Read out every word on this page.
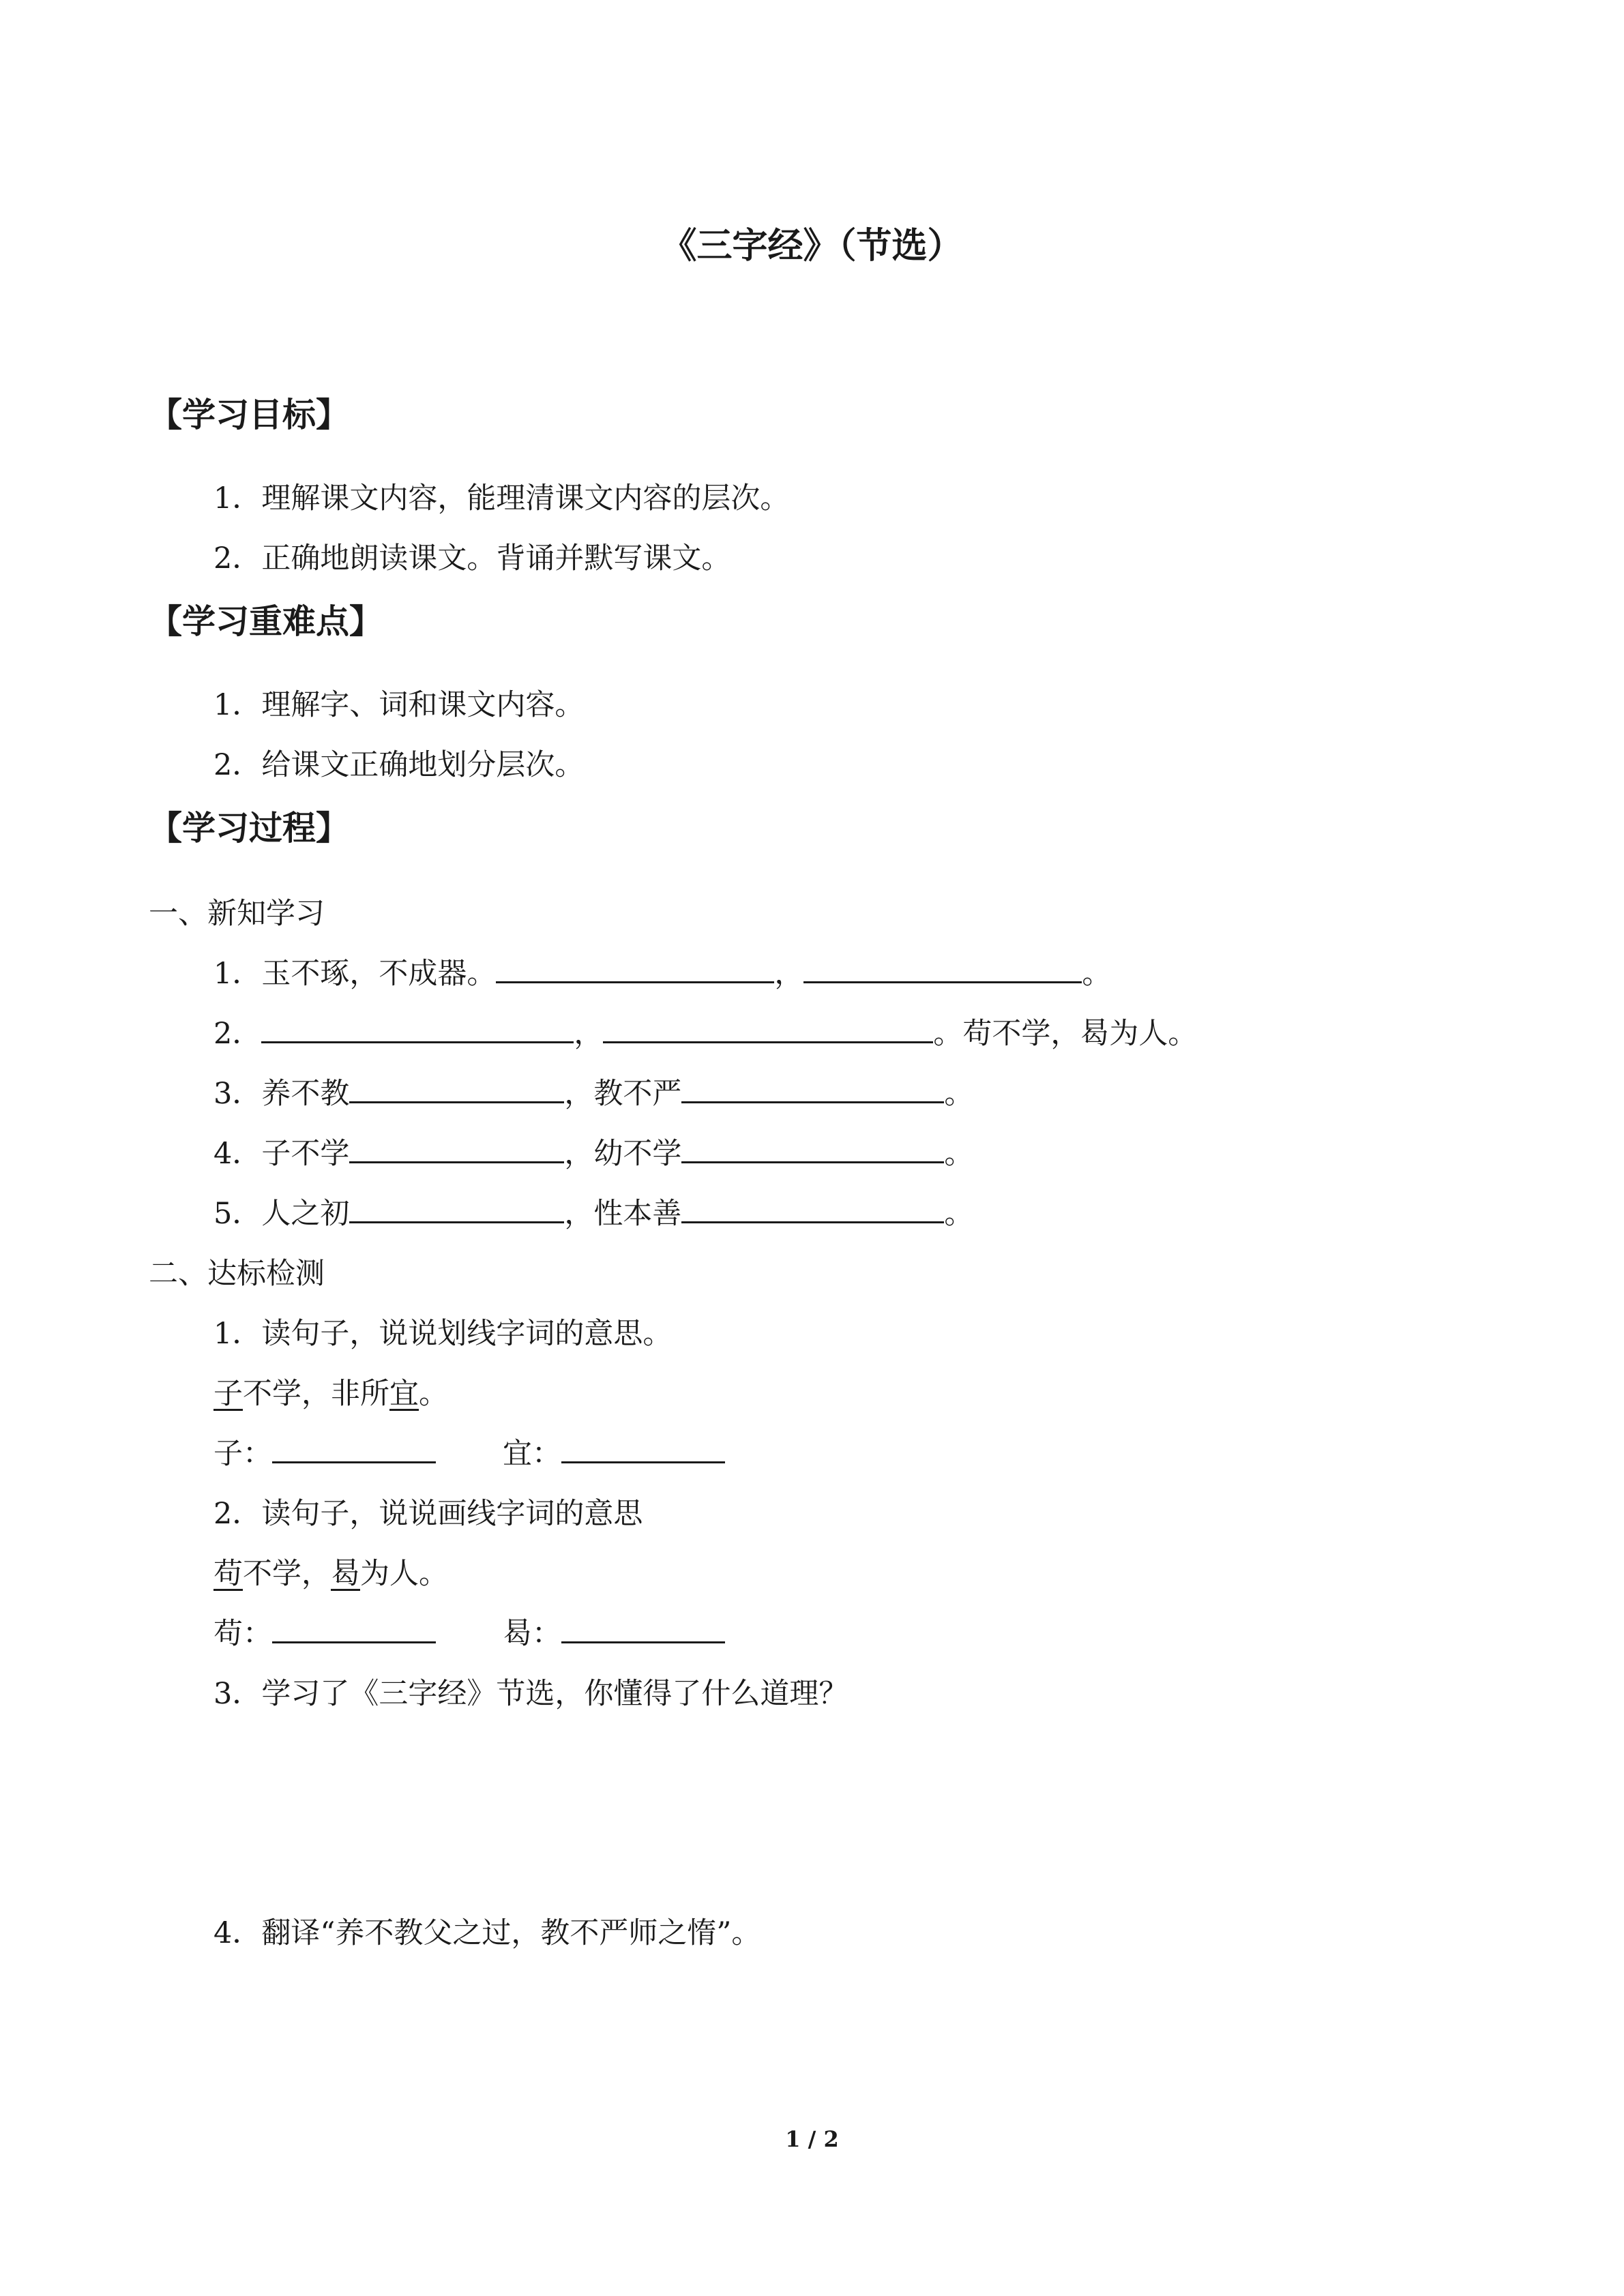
《三字经》（节选）
【学习目标】
1．理解课文内容，能理清课文内容的层次。
2．正确地朗读课文。背诵并默写课文。
【学习重难点】
1．理解字、词和课文内容。
2．给课文正确地划分层次。
【学习过程】
一、新知学习
1．玉不琢，不成器。	，	。
2．	，	。苟不学，曷为人。
3．养不教	，教不严	。
4．子不学	，幼不学	。
5．人之初	，性本善	。
二、达标检测
1．读句子，说说划线字词的意思。
子不学，非所宜。
子：	宜：
2．读句子，说说画线字词的意思
苟不学，曷为人。
苟：	曷：
3．学习了《三字经》节选，你懂得了什么道理？
4．翻译“养不教父之过，教不严师之惰”。
1 / 2
